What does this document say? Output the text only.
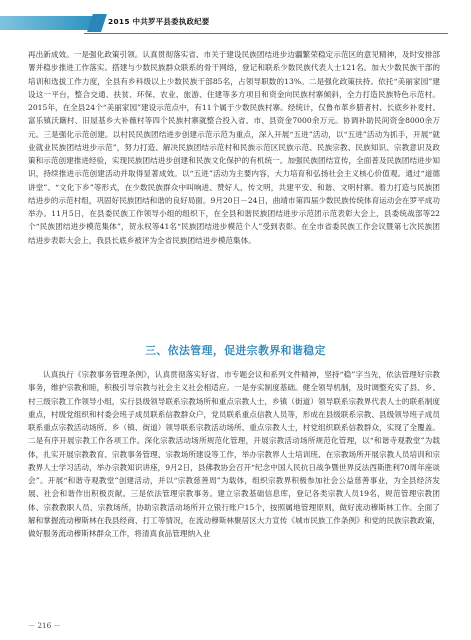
2015 中共罗平县委执政纪要

再出新成效。一是强化政策引领。认真贯彻落实省、市关于建设民族团结进步边疆繁荣稳定示范区的意见精神，及时安排部署并稳步推进工作落实。搭建与少数民族群众联系的骨干网络，登记和联系少数民族代表人士121名。加大少数民族干部的培训和选拔工作力度，全县有乡科级以上少数民族干部85名，占领导职数的13%。二是强化政策扶持。依托“美丽家园”建设这一平台，整合交通、扶贫、环保、农业、旅游、住建等多方项目和资金向民族村寨倾斜，全力打造民族特色示范村。2015年，在全县24个“美丽家园”建设示范点中，有11个属于少数民族村寨。经统计，仅鲁布革乡腊者村、长底乡补麦村、富乐镇沃簸村、旧屋基乡大补薇村等四个民族村寨就整合投入省、市、县资金7000余万元。协调补助民间资金8000余万元。三是强化示范创建。以村民民族团结进步创建示范示范为重点，深入开展“五进”活动，以“五进”活动为抓手，开展“就业就业民族团结进步示范”，努力打造、解决民族团结示范村和民族示范区民族示范、民族宗教、民族知识、宗教意识及政策和示范创建推进经验，实现民族团结进步创建和民族文化保护的有机统一。加强民族团结宣传，全面普及民族团结进步知识，持续推进示范创建活动并取得显著成效。以“五进”活动为主要内容，大力培育和弘扬社会主义核心价值观。通过“道德讲堂”、“文化下乡”等形式，在少数民族群众中叫响进、赞好人、传文明，共建平安、和谐、文明村寨。着力打造与民族团结进步的示范村组，巩固好民族团结和谐的良好局面。9月20日－24日，曲靖市第四届少数民族传统体育运动会在罗平成功举办。11月5日，在县委民族工作领导小组的组织下，在全县和谐民族团结进步示范团示范表彰大会上，县委统战部等22个“民族团结进步模范集体”，贺永权等41名“民族团结进步模范个人”受到表彰。在全市省委民族工作会议暨第七次民族团结进步表彰大会上，我县长底乡被评为全省民族团结进步模范集体。

三、依法管理，促进宗教界和谐稳定

认真执行《宗教事务管理条例》，认真贯彻落实好省、市专题会议和系列文件精神，坚持“稳”字当先，依法管理好宗教事务，维护宗教和睦，积极引导宗教与社会主义社会相适应。一是夯实制度基础。健全领导机制，及时调整充实了县、乡、村三级宗教工作领导小组，实行县级领导联系宗教场所和重点宗教人士，乡镇（街道）领导联系宗教界代表人士的联系制度重点，村级党组织和村委会班子成员联系信教群众户，党员联系重点信教人员等，形成在县级联系宗教、县级领导班子成员联系重点宗教活动场所、乡（镇、街道）领导联系宗教活动场所、重点宗教人士，村党组织联系信教群众，实现了全覆盖。二是有序开展宗教工作各项工作。深化宗教活动场所规范化管理，开展宗教活动场所规范化管理，以“和谐寺观教堂”为载体，扎实开展宗教教育、宗教事务管理、宗教场所建设等工作，举办宗教界人士培训班、在宗教场所开展宗教人员培训和宗教界人士学习活动，举办宗教知识讲座，9月2日，县佛教协会召开“纪念中国人民抗日战争暨世界反法西斯胜利70周年座谈会”。开展“和谐寺观教堂”创建活动，并以“宗教慈善周”为载体，组织宗教界积极参加社会公益慈善事业，为全县经济发展、社会和谐作出积极贡献。三是依法管理宗教事务。建立宗教基础信息库，登记各类宗教人员19名，规范管理宗教团体、宗教教职人员、宗教场所，协助宗教活动场所开立银行账户15个，按照属地管理原则，做好流动穆斯林工作。全面了解和掌握流动穆斯林在我县经商、打工等情况，在流动穆斯林聚居区大力宣传《城市民族工作条例》和党的民族宗教政策，做好服务流动穆斯林群众工作，将清真食品管理纳入业

－ 216 －
